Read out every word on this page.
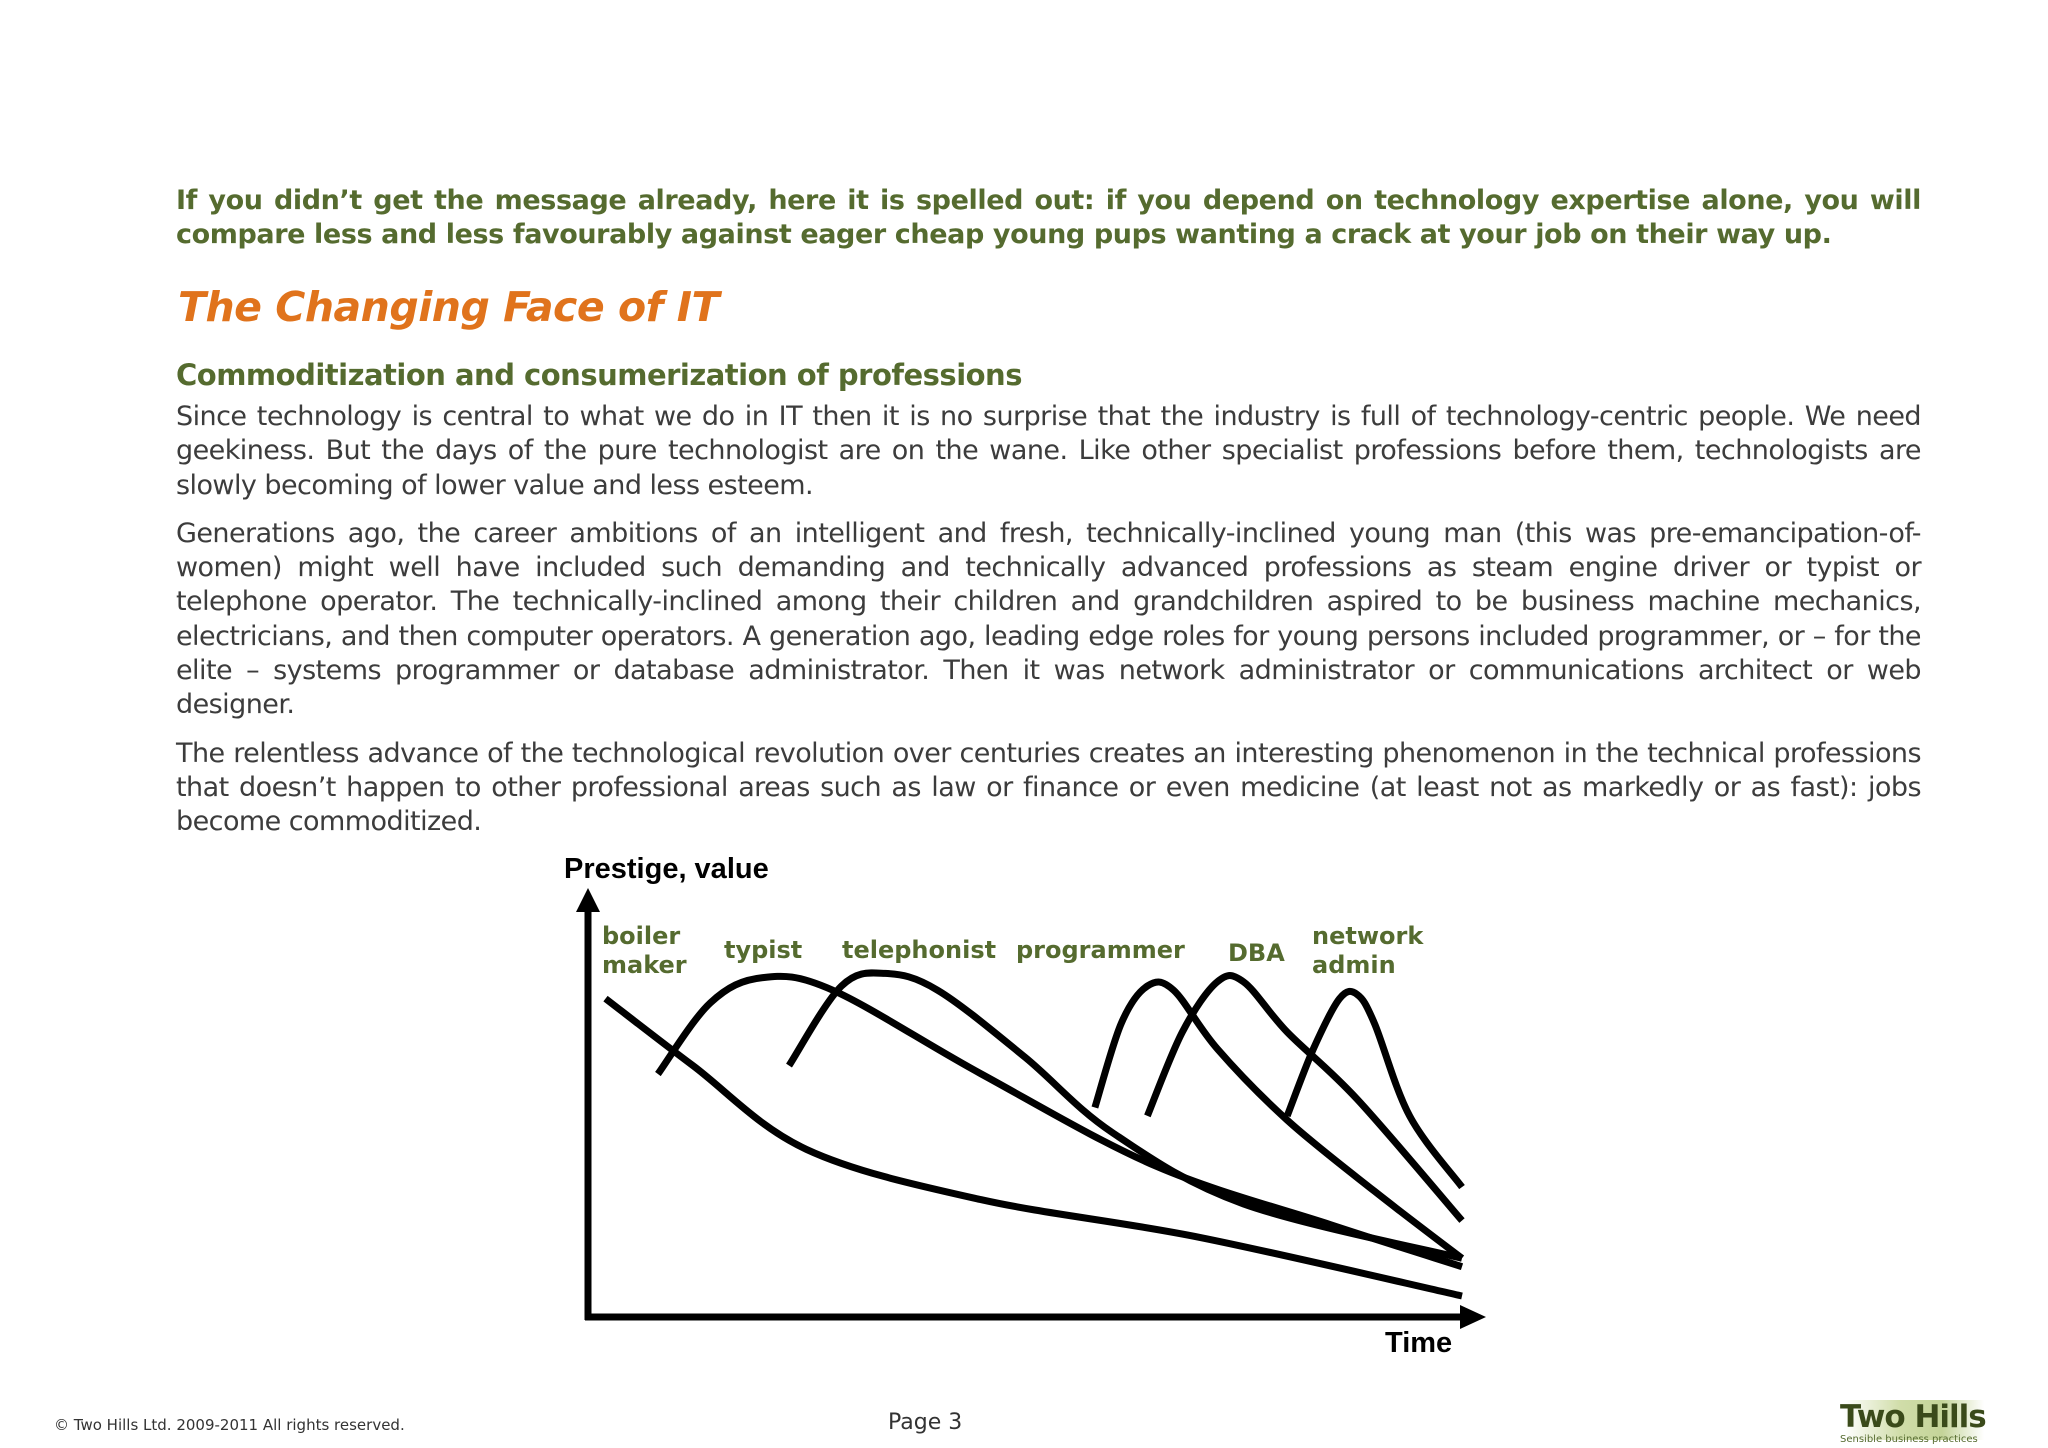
If you didn’t get the message already, here it is spelled out: if you depend on technology expertise alone, you will compare less and less favourably against eager cheap young pups wanting a crack at your job on their way up.

The Changing Face of IT
Commoditization and consumerization of professions

Since technology is central to what we do in IT then it is no surprise that the industry is full of technology-centric people. We need geekiness. But the days of the pure technologist are on the wane. Like other specialist professions before them, technologists are slowly becoming of lower value and less esteem.

Generations ago, the career ambitions of an intelligent and fresh, technically-inclined young man (this was pre-emancipation-of-women) might well have included such demanding and technically advanced professions as steam engine driver or typist or telephone operator. The technically-inclined among their children and grandchildren aspired to be business machine mechanics, electricians, and then computer operators. A generation ago, leading edge roles for young persons included programmer, or – for the elite – systems programmer or database administrator. Then it was network administrator or communications architect or web designer.

The relentless advance of the technological revolution over centuries creates an interesting phenomenon in the technical professions that doesn’t happen to other professional areas such as law or finance or even medicine (at least not as markedly or as fast): jobs become commoditized.

Prestige, value
Time
boiler
maker
typist telephonist programmer DBA
network
admin
© Two Hills Ltd. 2009-2011 All rights reserved.	Page 3	Two Hills
Sensible business practices
